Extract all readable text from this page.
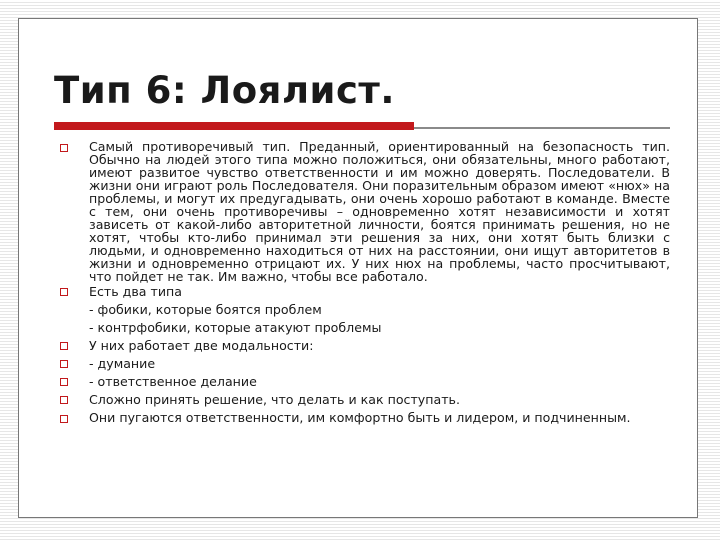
Тип 6: Лоялист.
Самый противоречивый тип. Преданный, ориентированный на безопасность тип. Обычно на людей этого типа можно положиться, они обязательны, много работают, имеют развитое чувство ответственности и им можно доверять. Последователи. В жизни они играют роль Последователя. Они поразительным образом имеют «нюх» на проблемы, и могут их предугадывать, они очень хорошо работают в команде. Вместе с тем, они очень противоречивы – одновременно хотят независимости и хотят зависеть от какой-либо авторитетной личности, боятся принимать решения, но не хотят, чтобы кто-либо принимал эти решения за них, они хотят быть близки с людьми, и одновременно находиться от них на расстоянии, они ищут авторитетов в жизни и одновременно отрицают их. У них нюх на проблемы, часто просчитывают, что пойдет не так. Им важно, чтобы все работало.
Есть два типа
- фобики, которые боятся проблем
- контрфобики, которые атакуют проблемы
У них работает две модальности:
- думание
- ответственное делание
Сложно принять решение, что делать и как поступать.
Они пугаются ответственности, им комфортно быть и лидером, и подчиненным.
